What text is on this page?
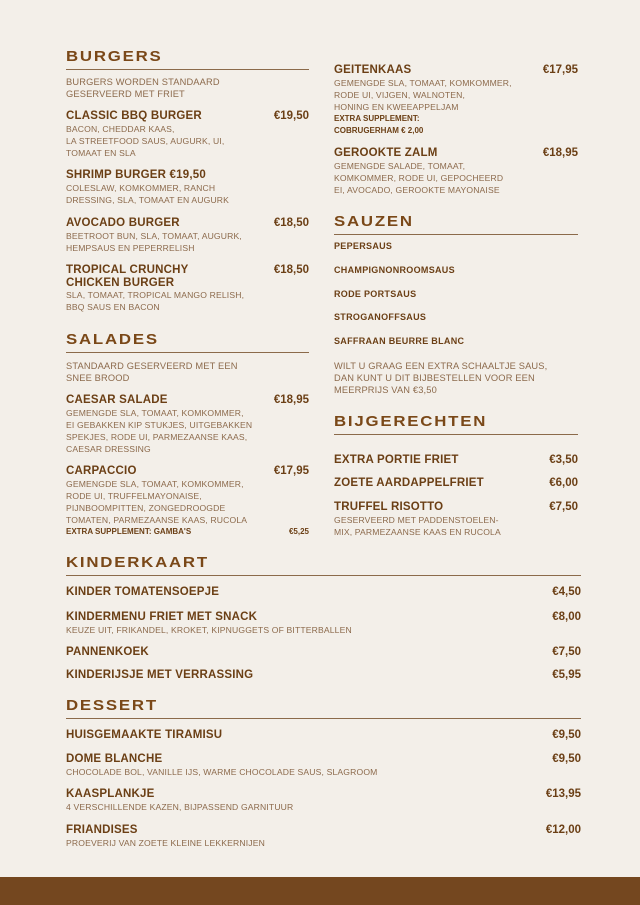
BURGERS
BURGERS WORDEN STANDAARD
GESERVEERD MET FRIET
CLASSIC BBQ BURGER	€19,50
BACON, CHEDDAR KAAS,
LA STREETFOOD SAUS, AUGURK, UI,
TOMAAT EN SLA
SHRIMP BURGER €19,50
COLESLAW, KOMKOMMER, RANCH
DRESSING, SLA, TOMAAT EN AUGURK
AVOCADO BURGER	€18,50
BEETROOT BUN, SLA, TOMAAT, AUGURK,
HEMPSAUS EN PEPERRELISH
TROPICAL CRUNCHY
CHICKEN BURGER
€18,50
SLA, TOMAAT, TROPICAL MANGO RELISH,
BBQ SAUS EN BACON
SALADES
STANDAARD GESERVEERD MET EEN
SNEE BROOD
CAESAR SALADE	€18,95
GEMENGDE SLA, TOMAAT, KOMKOMMER,
EI GEBAKKEN KIP STUKJES, UITGEBAKKEN
SPEKJES, RODE UI, PARMEZAANSE KAAS,
CAESAR DRESSING
CARPACCIO	€17,95
GEMENGDE SLA, TOMAAT, KOMKOMMER,
RODE UI, TRUFFELMAYONAISE,
PIJNBOOMPITTEN, ZONGEDROOGDE
TOMATEN, PARMEZAANSE KAAS, RUCOLA
EXTRA SUPPLEMENT: GAMBA'S	€5,25
GEITENKAAS	€17,95
GEMENGDE SLA, TOMAAT, KOMKOMMER,
RODE UI, VIJGEN, WALNOTEN,
HONING EN KWEEAPPELJAM
EXTRA SUPPLEMENT:
COBRUGERHAM € 2,00
GEROOKTE ZALM	€18,95
GEMENGDE SALADE, TOMAAT,
KOMKOMMER, RODE UI, GEPOCHEERD
EI, AVOCADO, GEROOKTE MAYONAISE
SAUZEN
PEPERSAUS
CHAMPIGNONROOMSAUS
RODE PORTSAUS
STROGANOFFSAUS
SAFFRAAN BEURRE BLANC
WILT U GRAAG EEN EXTRA SCHAALTJE SAUS,
DAN KUNT U DIT BIJBESTELLEN VOOR EEN
MEERPRIJS VAN €3,50
BIJGERECHTEN
EXTRA PORTIE FRIET	€3,50
ZOETE AARDAPPELFRIET	€6,00
TRUFFEL RISOTTO	€7,50
GESERVEERD MET PADDENSTOELEN-
MIX, PARMEZAANSE KAAS EN RUCOLA
KINDERKAART
KINDER TOMATENSOEPJE	€4,50
KINDERMENU FRIET MET SNACK	€8,00
KEUZE UIT, FRIKANDEL, KROKET, KIPNUGGETS OF BITTERBALLEN
PANNENKOEK	€7,50
KINDERIJSJE MET VERRASSING	€5,95
DESSERT
HUISGEMAAKTE TIRAMISU	€9,50
DOME BLANCHE	€9,50
CHOCOLADE BOL, VANILLE IJS, WARME CHOCOLADE SAUS, SLAGROOM
KAASPLANKJE	€13,95
4 VERSCHILLENDE KAZEN, BIJPASSEND GARNITUUR
FRIANDISES	€12,00
PROEVERIJ VAN ZOETE KLEINE LEKKERNIJEN
